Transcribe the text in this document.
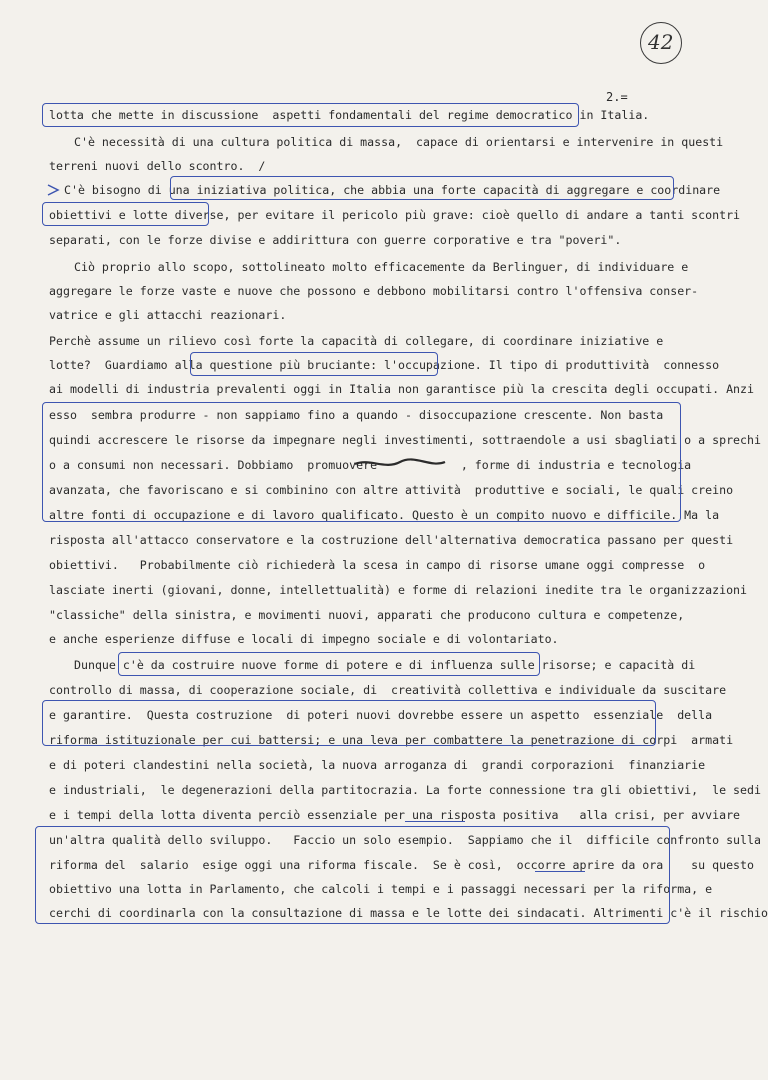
42
2.=
lotta che mette in discussione  aspetti fondamentali del regime democratico in Italia.
C'è necessità di una cultura politica di massa,  capace di orientarsi e intervenire in questi
terreni nuovi dello scontro.  /
C'è bisogno di una iniziativa politica, che abbia una forte capacità di aggregare e coordinare
obiettivi e lotte diverse, per evitare il pericolo più grave: cioè quello di andare a tanti scontri
separati, con le forze divise e addirittura con guerre corporative e tra "poveri".
Ciò proprio allo scopo, sottolineato molto efficacemente da Berlinguer, di individuare e
aggregare le forze vaste e nuove che possono e debbono mobilitarsi contro l'offensiva conser-
vatrice e gli attacchi reazionari.
Perchè assume un rilievo così forte la capacità di collegare, di coordinare iniziative e
lotte?  Guardiamo alla questione più bruciante: l'occupazione. Il tipo di produttività  connesso
ai modelli di industria prevalenti oggi in Italia non garantisce più la crescita degli occupati. Anzi
esso  sembra produrre - non sappiamo fino a quando - disoccupazione crescente. Non basta
quindi accrescere le risorse da impegnare negli investimenti, sottraendole a usi sbagliati o a sprechi
o a consumi non necessari. Dobbiamo  promuovere            , forme di industria e tecnologia
avanzata, che favoriscano e si combinino con altre attività  produttive e sociali, le quali creino
altre fonti di occupazione e di lavoro qualificato. Questo è un compito nuovo e difficile. Ma la
risposta all'attacco conservatore e la costruzione dell'alternativa democratica passano per questi
obiettivi.   Probabilmente ciò richiederà la scesa in campo di risorse umane oggi compresse  o
lasciate inerti (giovani, donne, intellettualità) e forme di relazioni inedite tra le organizzazioni
"classiche" della sinistra, e movimenti nuovi, apparati che producono cultura e competenze,
e anche esperienze diffuse e locali di impegno sociale e di volontariato.
Dunque c'è da costruire nuove forme di potere e di influenza sulle risorse; e capacità di
controllo di massa, di cooperazione sociale, di  creatività collettiva e individuale da suscitare
e garantire.  Questa costruzione  di poteri nuovi dovrebbe essere un aspetto  essenziale  della
riforma istituzionale per cui battersi; e una leva per combattere la penetrazione di corpi  armati
e di poteri clandestini nella società, la nuova arroganza di  grandi corporazioni  finanziarie
e industriali,  le degenerazioni della partitocrazia. La forte connessione tra gli obiettivi,  le sedi
e i tempi della lotta diventa perciò essenziale per una risposta positiva   alla crisi, per avviare
un'altra qualità dello sviluppo.   Faccio un solo esempio.  Sappiamo che il  difficile confronto sulla
riforma del  salario  esige oggi una riforma fiscale.  Se è così,  occorre aprire da ora    su questo
obiettivo una lotta in Parlamento, che calcoli i tempi e i passaggi necessari per la riforma, e
cerchi di coordinarla con la consultazione di massa e le lotte dei sindacati. Altrimenti c'è il rischio
